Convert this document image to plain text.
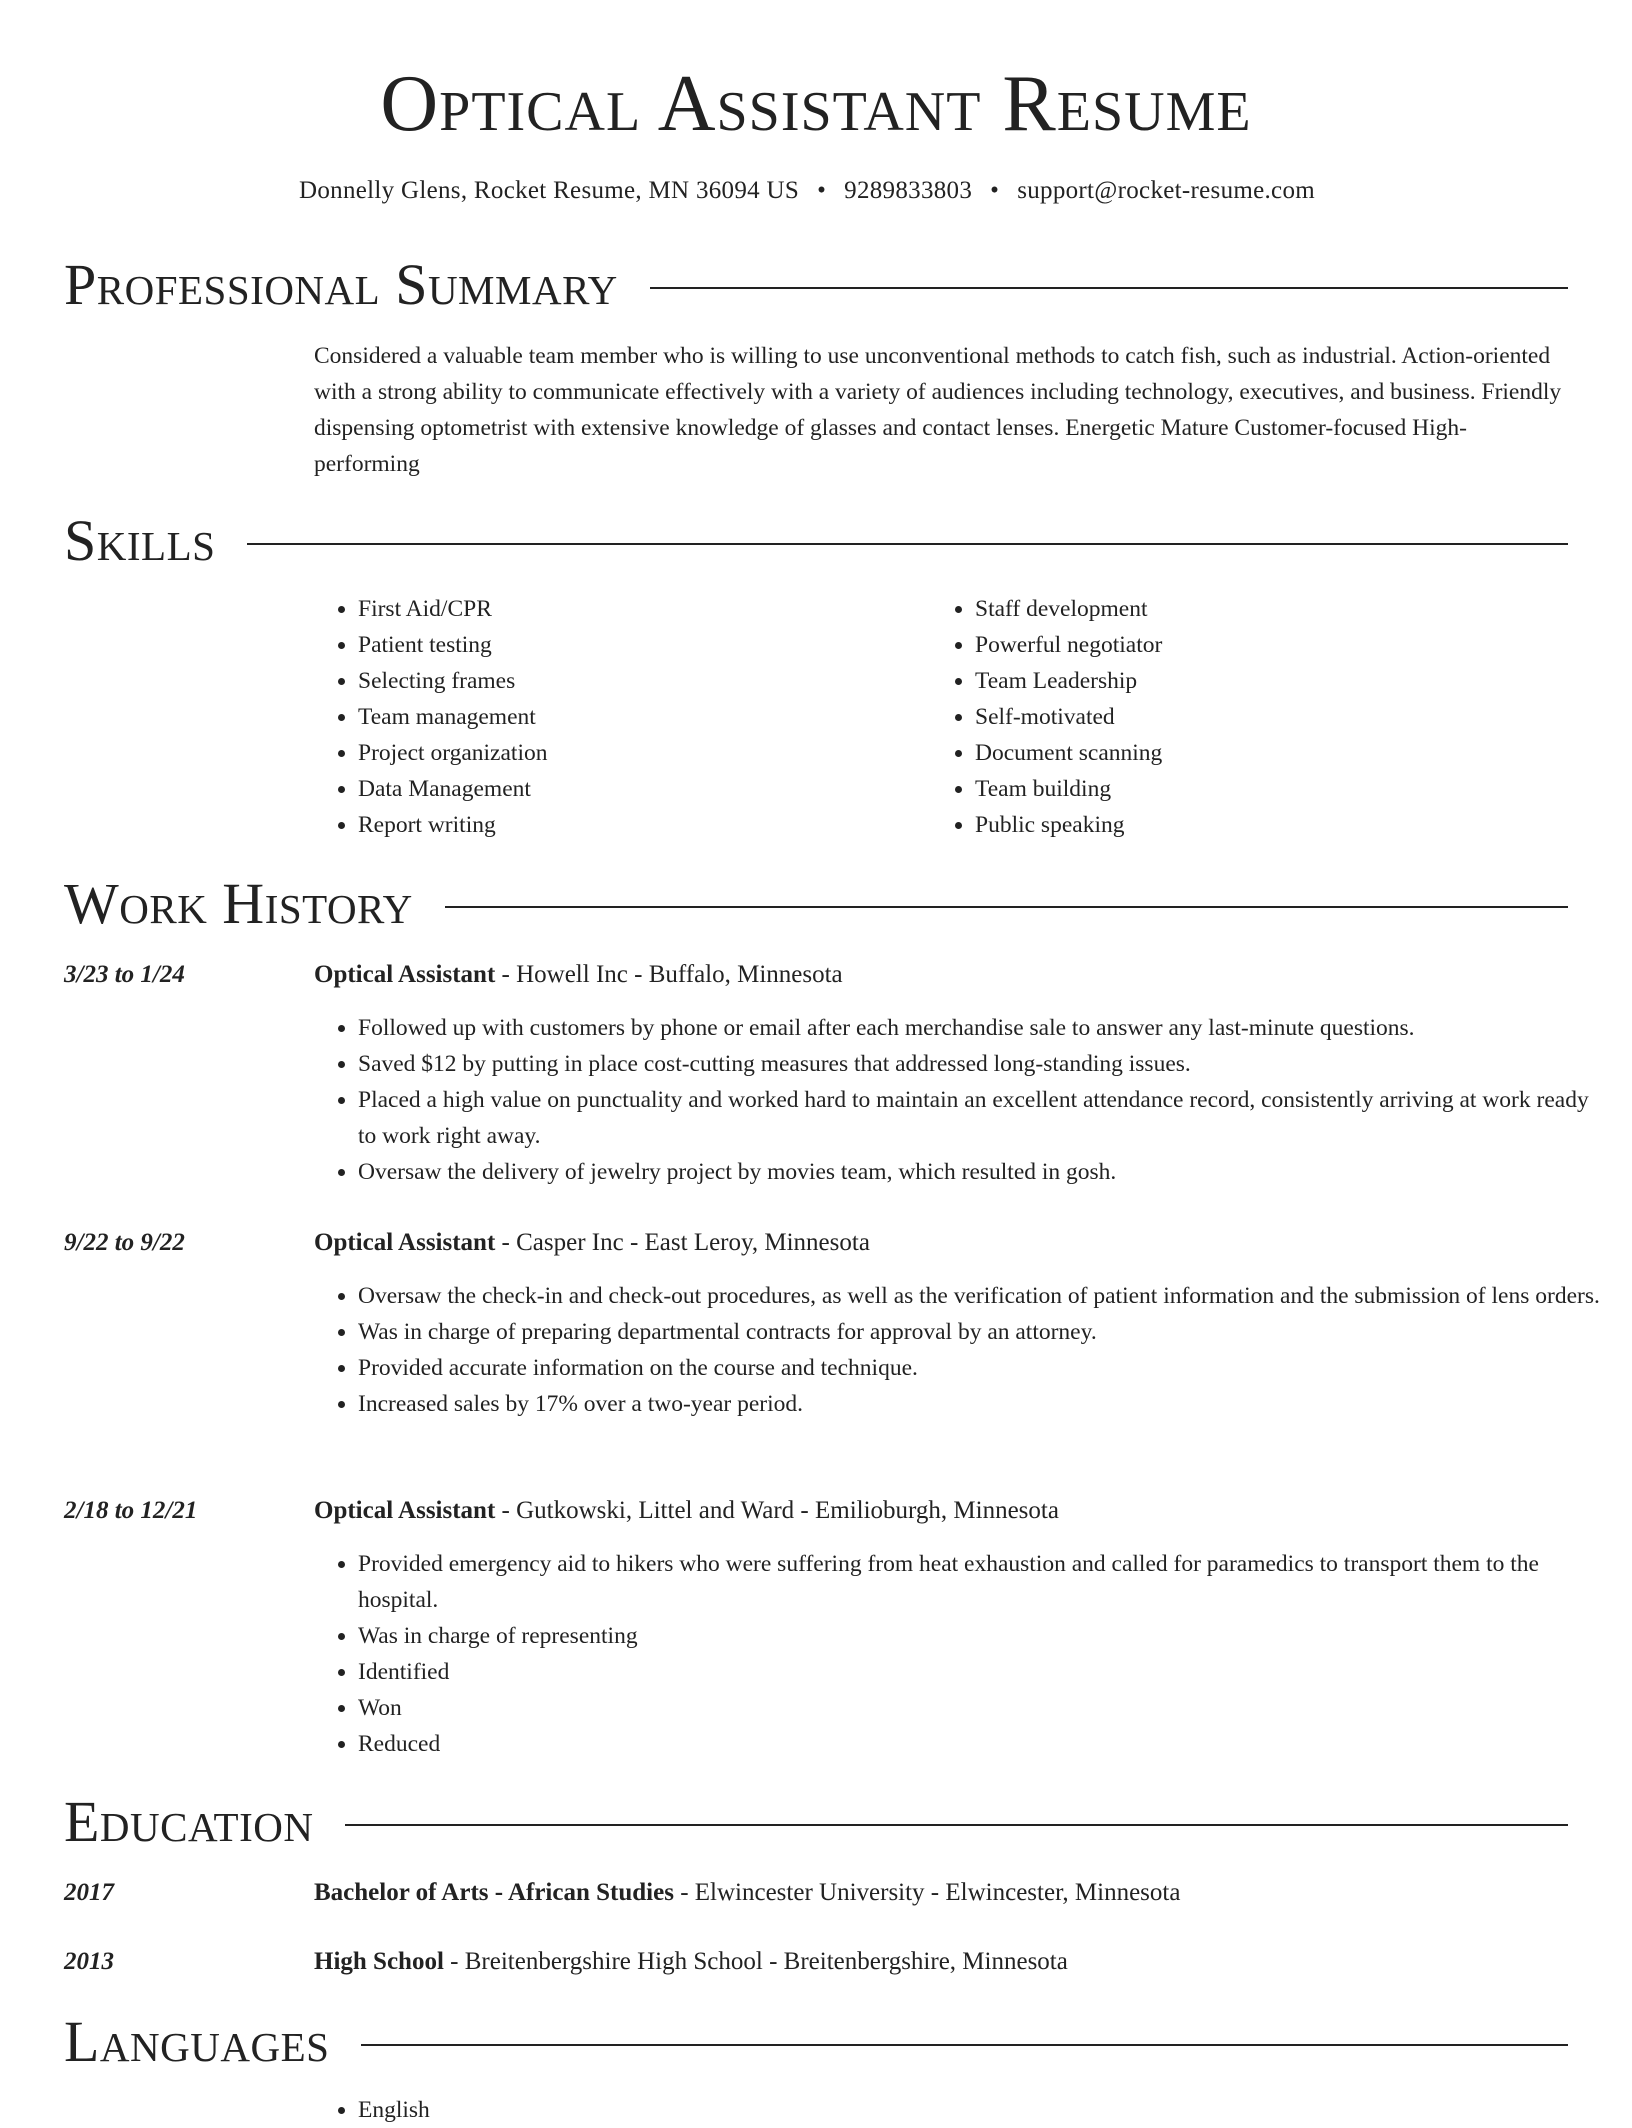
Optical Assistant Resume
Donnelly Glens, Rocket Resume, MN 36094 US • 9289833803 • support@rocket-resume.com
Professional Summary

Considered a valuable team member who is willing to use unconventional methods to catch fish, such as industrial. Action-oriented with a strong ability to communicate effectively with a variety of audiences including technology, executives, and business. Friendly dispensing optometrist with extensive knowledge of glasses and contact lenses. Energetic Mature Customer-focused High-performing

Skills
• First Aid/CPR
• Patient testing
• Selecting frames
• Team management
• Project organization
• Data Management
• Report writing
• Staff development
• Powerful negotiator
• Team Leadership
• Self-motivated
• Document scanning
• Team building
• Public speaking
Work History
3/23 to 1/24	Optical Assistant - Howell Inc - Buffalo, Minnesota
• Followed up with customers by phone or email after each merchandise sale to answer any last-minute questions.
• Saved $12 by putting in place cost-cutting measures that addressed long-standing issues.
• Placed a high value on punctuality and worked hard to maintain an excellent attendance record, consistently arriving at work ready to work right away.
• Oversaw the delivery of jewelry project by movies team, which resulted in gosh.
9/22 to 9/22	Optical Assistant - Casper Inc - East Leroy, Minnesota
• Oversaw the check-in and check-out procedures, as well as the verification of patient information and the submission of lens orders.
• Was in charge of preparing departmental contracts for approval by an attorney.
• Provided accurate information on the course and technique.
• Increased sales by 17% over a two-year period.
2/18 to 12/21	Optical Assistant - Gutkowski, Littel and Ward - Emilioburgh, Minnesota
• Provided emergency aid to hikers who were suffering from heat exhaustion and called for paramedics to transport them to the hospital.
• Was in charge of representing
• Identified
• Won
• Reduced
Education
2017	Bachelor of Arts - African Studies - Elwincester University - Elwincester, Minnesota
2013	High School - Breitenbergshire High School - Breitenbergshire, Minnesota
Languages
• English
